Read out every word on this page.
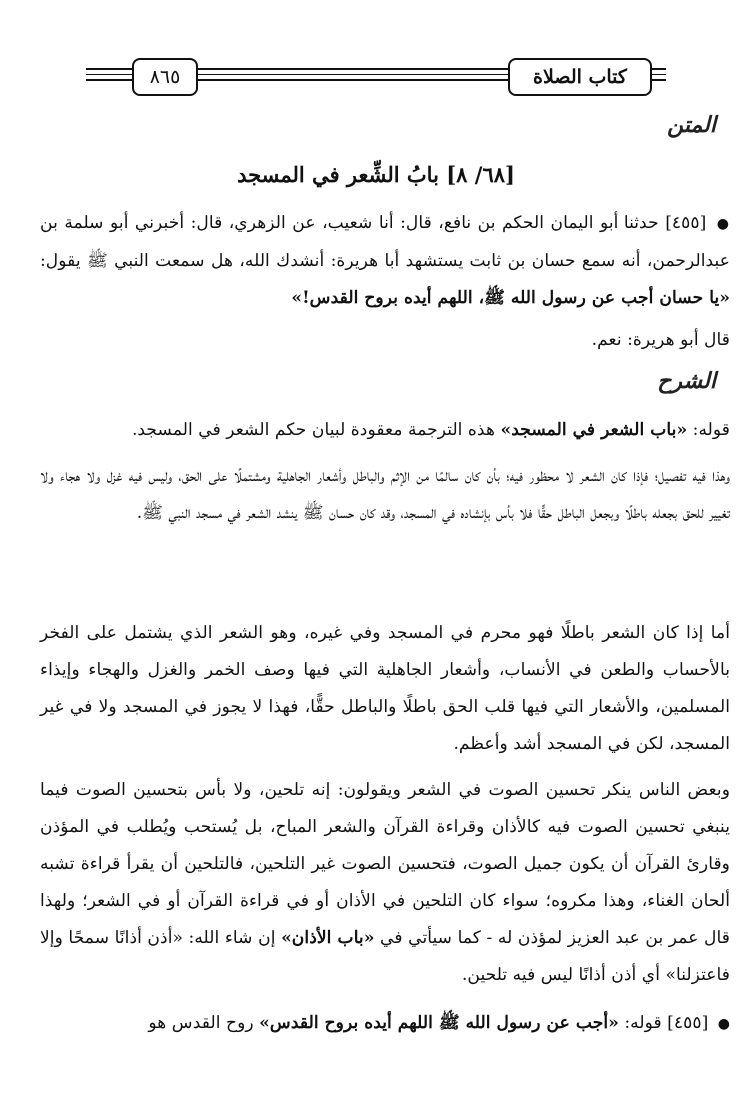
كتاب الصلاة
٨٦٥
المتن
[٦٨/ ٨] بابُ الشِّعر في المسجد

● [٤٥٥] حدثنا أبو اليمان الحكم بن نافع، قال: أنا شعيب، عن الزهري، قال: أخبرني أبو سلمة بن عبدالرحمن، أنه سمع حسان بن ثابت يستشهد أبا هريرة: أنشدك الله، هل سمعت النبي ﷺ يقول: «يا حسان أجب عن رسول الله ﷺ، اللهم أيده بروح القدس!»

قال أبو هريرة: نعم.

الشرح

قوله: «باب الشعر في المسجد» هذه الترجمة معقودة لبيان حكم الشعر في المسجد.

وهذا فيه تفصيل؛ فإذا كان الشعر لا محظور فيه؛ بأن كان سالمًا من الإثم والباطل وأشعار الجاهلية ومشتملًا على الحق، وليس فيه غزل ولا هجاء ولا تغيير للحق بجعله باطلًا وبجعل الباطل حقًّا فلا بأس بإنشاده في المسجد، وقد كان حسان ﷺ ينشد الشعر في مسجد النبي ﷺ.

أما إذا كان الشعر باطلًا فهو محرم في المسجد وفي غيره، وهو الشعر الذي يشتمل على الفخر بالأحساب والطعن في الأنساب، وأشعار الجاهلية التي فيها وصف الخمر والغزل والهجاء وإيذاء المسلمين، والأشعار التي فيها قلب الحق باطلًا والباطل حقًّا، فهذا لا يجوز في المسجد ولا في غير المسجد، لكن في المسجد أشد وأعظم.

وبعض الناس ينكر تحسين الصوت في الشعر ويقولون: إنه تلحين، ولا بأس بتحسين الصوت فيما ينبغي تحسين الصوت فيه كالأذان وقراءة القرآن والشعر المباح، بل يُستحب ويُطلب في المؤذن وقارئ القرآن أن يكون جميل الصوت، فتحسين الصوت غير التلحين، فالتلحين أن يقرأ قراءة تشبه ألحان الغناء، وهذا مكروه؛ سواء كان التلحين في الأذان أو في قراءة القرآن أو في الشعر؛ ولهذا قال عمر بن عبد العزيز لمؤذن له - كما سيأتي في «باب الأذان» إن شاء الله: «أذن أذانًا سمحًا وإلا فاعتزلنا» أي أذن أذانًا ليس فيه تلحين.

● [٤٥٥] قوله: «أجب عن رسول الله ﷺ اللهم أيده بروح القدس» روح القدس هو
